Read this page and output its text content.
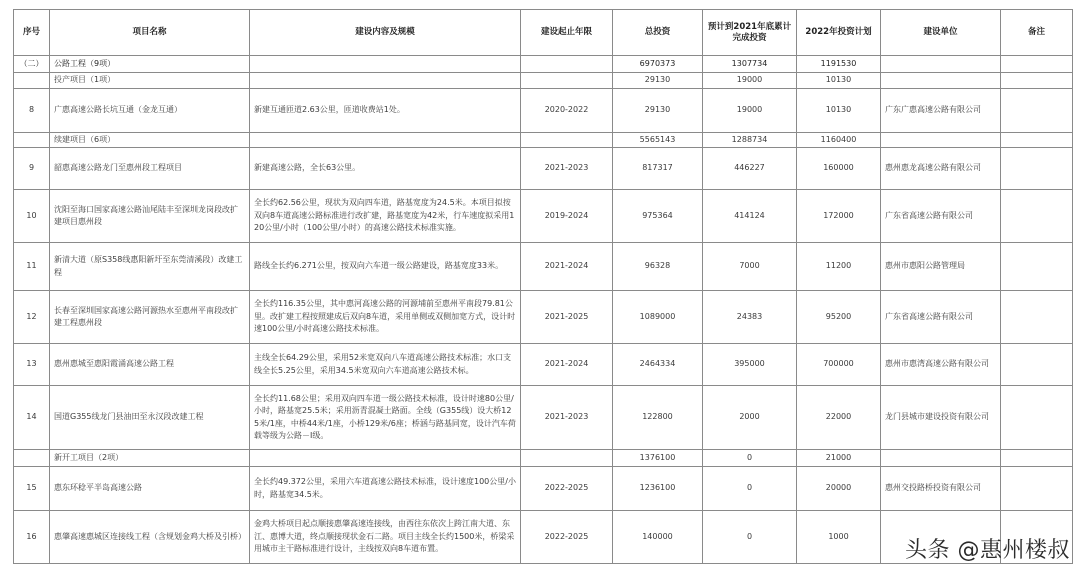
序号	项目名称	建设内容及规模	建设起止年限	总投资	预计到2021年底累计完成投资	2022年投资计划	建设单位	备注
（二）	公路工程（9项）			6970373	1307734	1191530		
	投产项目（1项）			29130	19000	10130		
8	广惠高速公路长坑互通（金龙互通）	新建互通匝道2.63公里，匝道收费站1处。	2020-2022	29130	19000	10130	广东广惠高速公路有限公司	
	续建项目（6项）			5565143	1288734	1160400		
9	韶惠高速公路龙门至惠州段工程项目	新建高速公路，全长63公里。	2021-2023	817317	446227	160000	惠州惠龙高速公路有限公司	
10	沈阳至海口国家高速公路汕尾陆丰至深圳龙岗段改扩建项目惠州段	全长约62.56公里，现状为双向四车道，路基宽度为24.5米。本项目拟按双向8车道高速公路标准进行改扩建，路基宽度为42米，行车速度拟采用120公里/小时（100公里/小时）的高速公路技术标准实施。	2019-2024	975364	414124	172000	广东省高速公路有限公司	
11	新清大道（原S358线惠阳新圩至东莞清溪段）改建工程	路线全长约6.271公里，按双向六车道一级公路建设，路基宽度33米。	2021-2024	96328	7000	11200	惠州市惠阳公路管理局	
12	长春至深圳国家高速公路河源热水至惠州平南段改扩建工程惠州段	全长约116.35公里，其中惠河高速公路的河源埔前至惠州平南段79.81公里。改扩建工程按照建成后双向8车道，采用单侧或双侧加宽方式，设计时速100公里/小时高速公路技术标准。	2021-2025	1089000	24383	95200	广东省高速公路有限公司	
13	惠州惠城至惠阳霞涌高速公路工程	主线全长64.29公里，采用52米宽双向八车道高速公路技术标准；水口支线全长5.25公里，采用34.5米宽双向六车道高速公路技术标。	2021-2024	2464334	395000	700000	惠州市惠湾高速公路有限公司	
14	国道G355线龙门县油田至永汉段改建工程	全长约11.68公里；采用双向四车道一级公路技术标准，设计时速80公里/小时，路基宽25.5米；采用沥青混凝土路面。全线（G355线）设大桥125米/1座，中桥44米/1座，小桥129米/6座；桥涵与路基同宽，设计汽车荷载等级为公路－Ⅰ级。	2021-2023	122800	2000	22000	龙门县城市建设投资有限公司	
	新开工项目（2项）			1376100	0	21000		
15	惠东环稔平半岛高速公路	全长约49.372公里，采用六车道高速公路技术标准，设计速度100公里/小时，路基宽34.5米。	2022-2025	1236100	0	20000	惠州交投路桥投资有限公司	
16	惠肇高速惠城区连接线工程（含规划金鸡大桥及引桥）	金鸡大桥项目起点顺接惠肇高速连接线，由西往东依次上跨江南大道、东江、惠博大道，终点顺接现状金石二路。项目主线全长约1500米，桥梁采用城市主干路标准进行设计，主线按双向8车道布置。	2022-2025	140000	0	1000		
头条 @惠州楼叔
